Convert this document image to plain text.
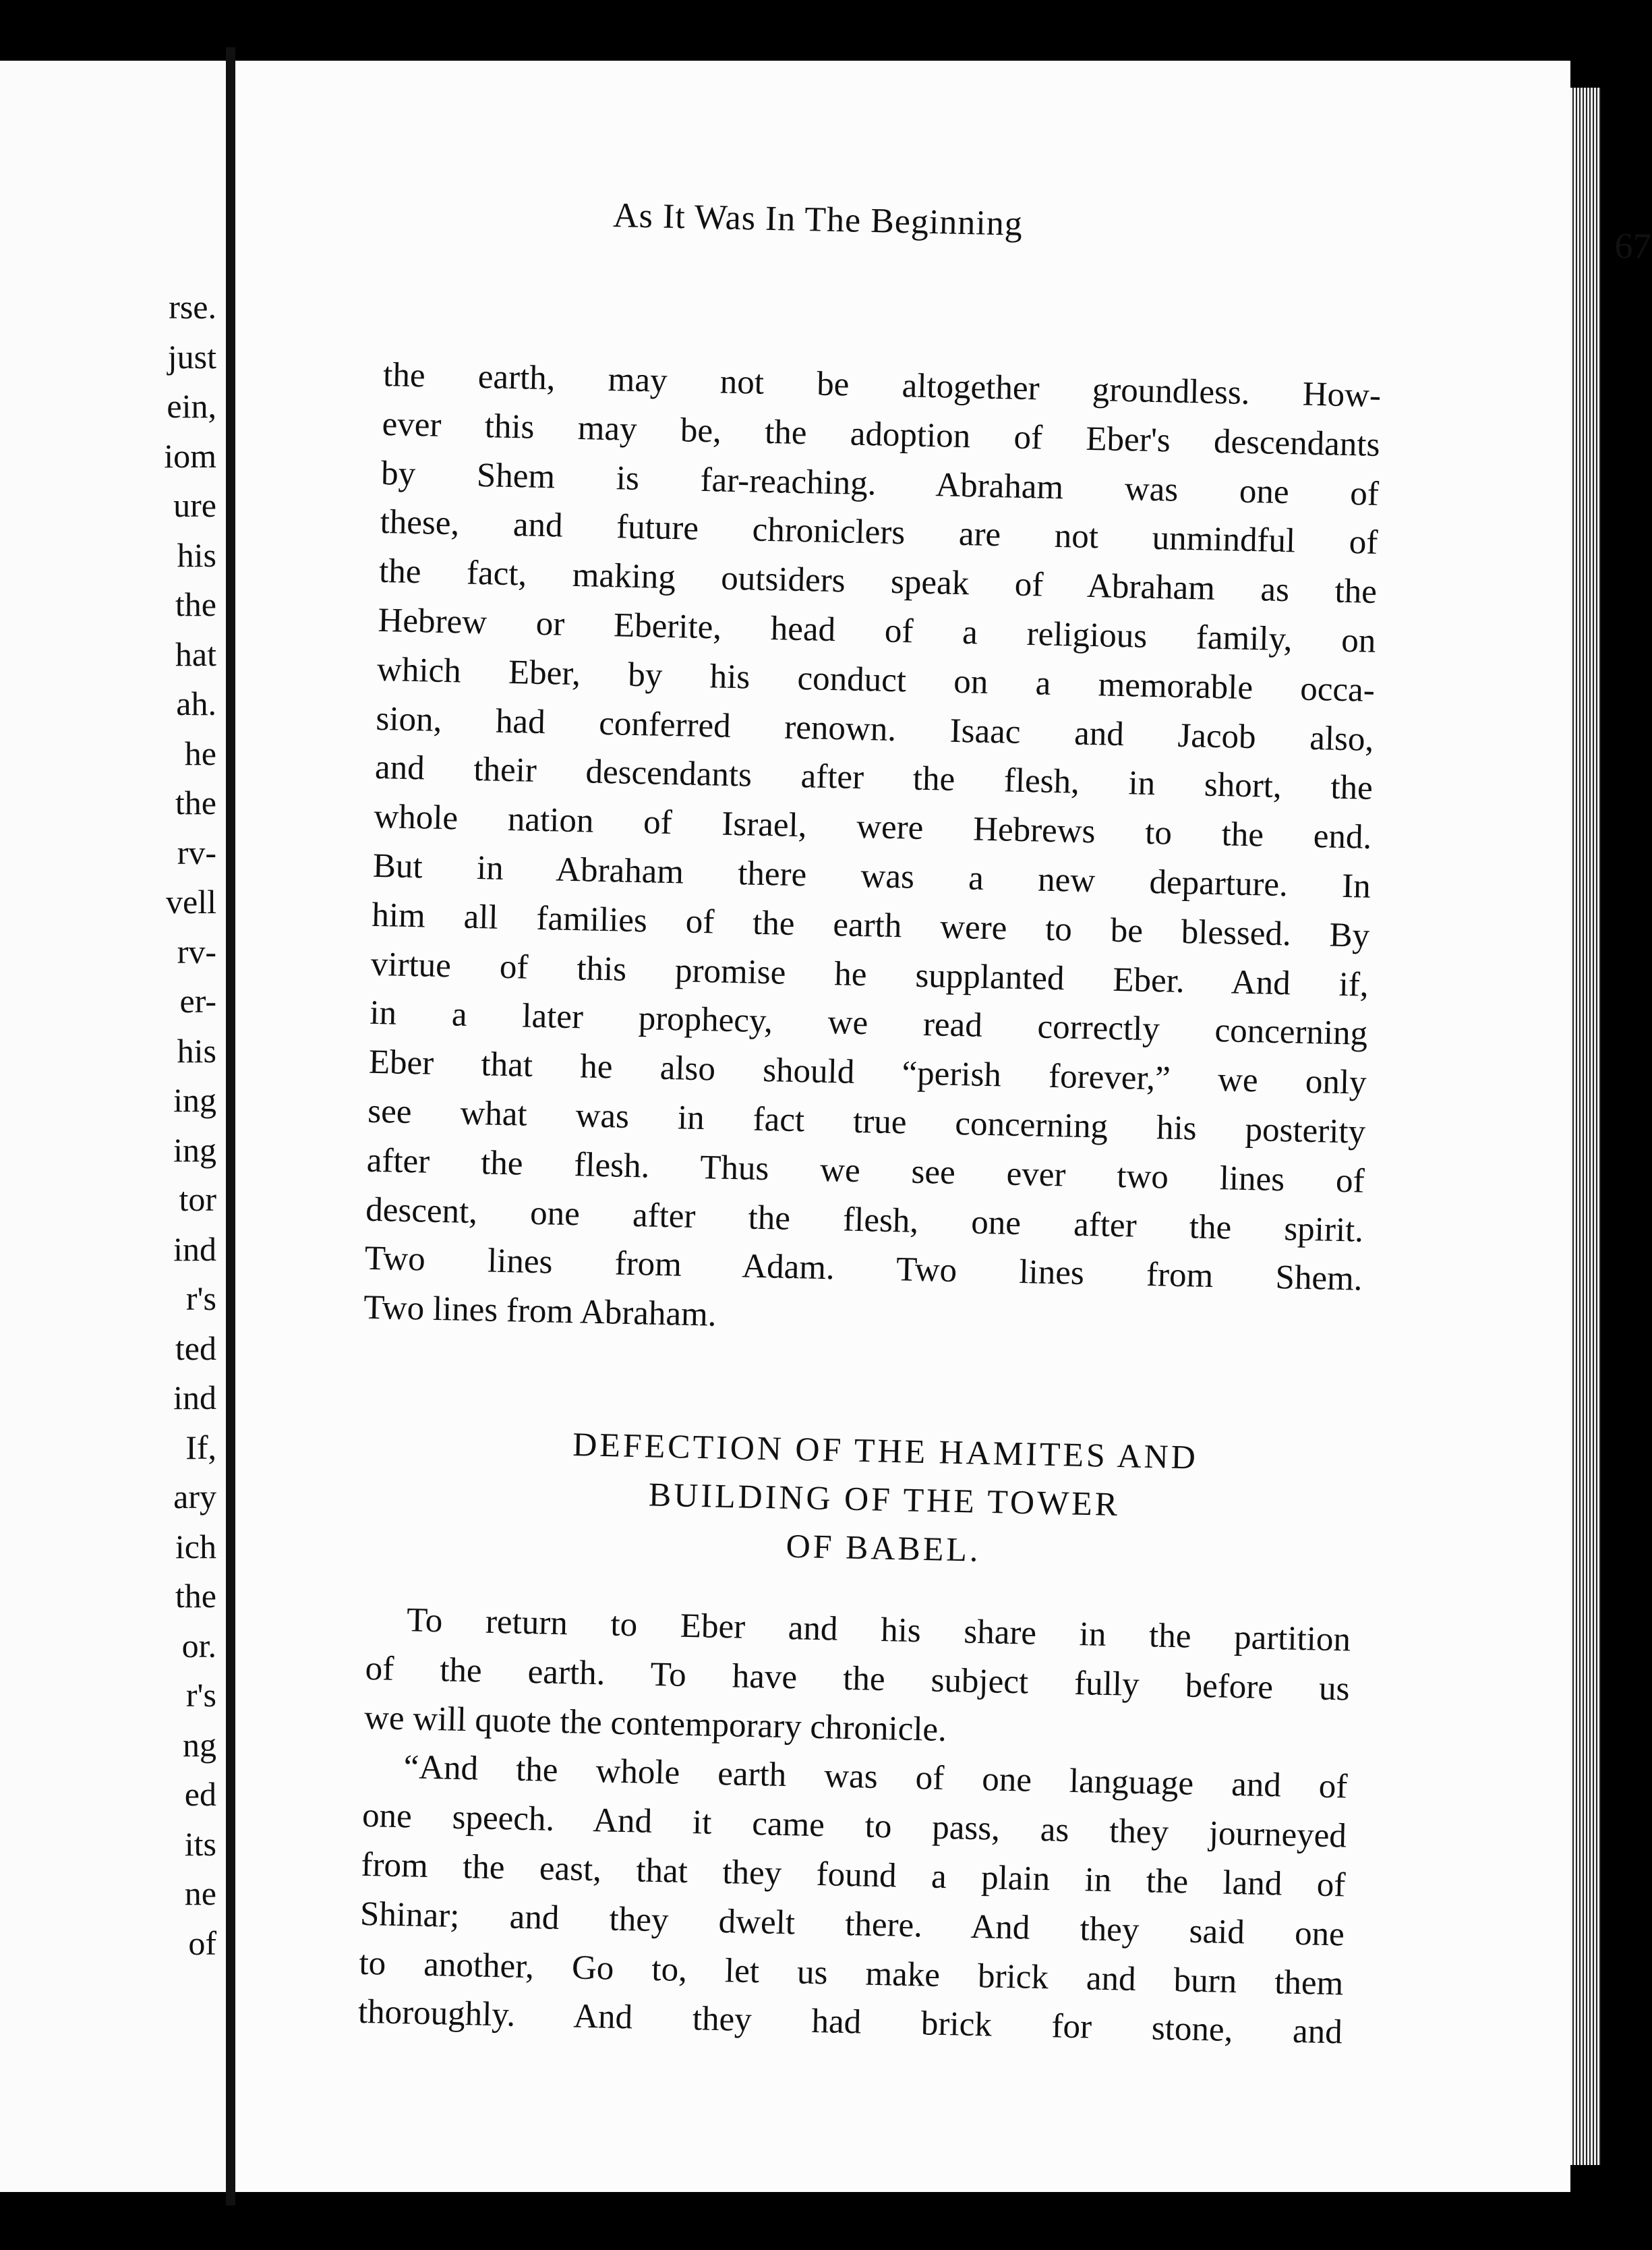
rse.
just
ein,
iom
ure
his
the
hat
ah.
he
the
rv-
vell
rv-
er-
his
ing
ing
tor
ind
r's
ted
ind
If,
ary
ich
the
or.
r's
ng
ed
its
ne
of
As It Was In The Beginning
67
the earth, may not be altogether groundless. How-
ever this may be, the adoption of Eber's descendants
by Shem is far-reaching. Abraham was one of
these, and future chroniclers are not unmindful of
the fact, making outsiders speak of Abraham as the
Hebrew or Eberite, head of a religious family, on
which Eber, by his conduct on a memorable occa-
sion, had conferred renown. Isaac and Jacob also,
and their descendants after the flesh, in short, the
whole nation of Israel, were Hebrews to the end.
But in Abraham there was a new departure. In
him all families of the earth were to be blessed. By
virtue of this promise he supplanted Eber. And if,
in a later prophecy, we read correctly concerning
Eber that he also should “perish forever,” we only
see what was in fact true concerning his posterity
after the flesh. Thus we see ever two lines of
descent, one after the flesh, one after the spirit.
Two lines from Adam. Two lines from Shem.
Two lines from Abraham.
DEFECTION OF THE HAMITES AND
BUILDING OF THE TOWER
OF BABEL.
To return to Eber and his share in the partition
of the earth. To have the subject fully before us
we will quote the contemporary chronicle.
“And the whole earth was of one language and of
one speech. And it came to pass, as they journeyed
from the east, that they found a plain in the land of
Shinar; and they dwelt there. And they said one
to another, Go to, let us make brick and burn them
thoroughly. And they had brick for stone, and
